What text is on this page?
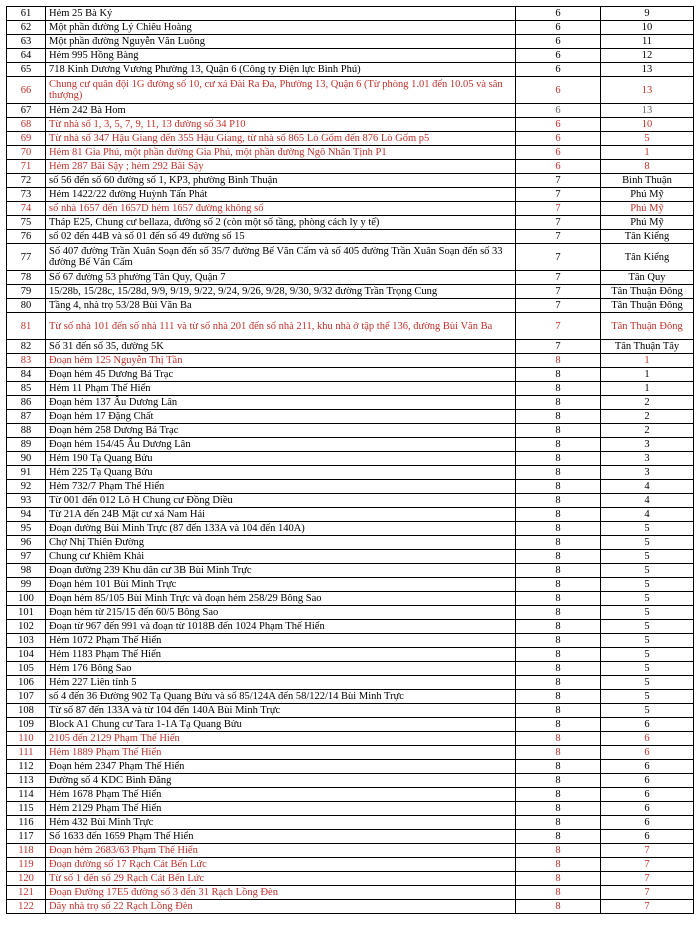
61	Hẻm 25 Bà Ký	6	9
62	Một phần đường Lý Chiêu Hoàng	6	10
63	Một phần đường Nguyễn Văn Luông	6	11
64	Hẻm 995 Hồng Bàng	6	12
65	718 Kinh Dương Vương Phường 13, Quận 6 (Công ty Điện lực Bình Phú)	6	13
66	Chung cư quân đội 1G đường số 10, cư xá Đài Ra Đa, Phường 13, Quận 6 (Từ phòng 1.01 đến 10.05 và sân thượng)	6	13
67	Hẻm 242 Bà Hom	6	13
68	Từ nhà số 1, 3, 5, 7, 9, 11, 13 đường số 34 P10	6	10
69	Từ nhà số 347 Hậu Giang đến 355 Hậu Giang, từ nhà số 865 Lò Gốm đến 876 Lò Gốm p5	6	5
70	Hẻm 81 Gia Phú, một phần đường Gia Phú, một phần đường Ngô Nhân Tịnh P1	6	1
71	Hẻm 287 Bãi Sậy ; hẻm 292 Bãi Sậy	6	8
72	số 56 đến số 60 đường số 1, KP3, phường Bình Thuận	7	Bình Thuận
73	Hẻm 1422/22 đường Huỳnh Tấn Phát	7	Phú Mỹ
74	số nhà 1657 đến 1657D hẻm 1657 đường không số	7	Phú Mỹ
75	Tháp E25, Chung cư bellaza, đường số 2 (còn một số tầng, phòng cách ly y tế)	7	Phú Mỹ
76	số 02 đến 44B và số 01 đến số 49 đường số 15	7	Tân Kiểng
77	Số 407 đường Trần Xuân Soạn đến số 35/7 đường Bế Văn Cấm và số 405 đường Trần Xuân Soạn đến số 33 đường Bế Văn Cấm	7	Tân Kiểng
78	Số 67 đường 53 phường Tân Quy, Quận 7	7	Tân Quy
79	15/28b, 15/28c, 15/28d, 9/9, 9/19, 9/22, 9/24, 9/26, 9/28, 9/30, 9/32 đường Trần Trọng Cung	7	Tân Thuận Đông
80	Tầng 4, nhà trọ 53/28 Bùi Văn Ba	7	Tân Thuận Đông
81	Từ số nhà 101 đến số nhà 111 và từ số nhà 201 đến số nhà 211, khu nhà ở tập thể 136, đường Bùi Văn Ba	7	Tân Thuận Đông
82	Số 31 đến số 35, đường 5K	7	Tân Thuận Tây
83	Đoạn hẻm 125 Nguyễn Thị Tần	8	1
84	Đoạn hẻm 45 Dương Bá Trạc	8	1
85	Hẻm 11 Phạm Thế Hiển	8	1
86	Đoạn hẻm 137 Âu Dương Lân	8	2
87	Đoạn hẻm 17 Đặng Chất	8	2
88	Đoạn hẻm 258 Dương Bá Trạc	8	2
89	Đoạn hẻm 154/45 Âu Dương Lân	8	3
90	Hẻm 190 Tạ Quang Bửu	8	3
91	Hẻm 225 Tạ Quang Bửu	8	3
92	Hẻm 732/7 Phạm Thế Hiển	8	4
93	Từ 001 đến 012 Lô H Chung cư Đồng Diều	8	4
94	Từ 21A đến 24B Mặt cư xá Nam Hải	8	4
95	Đoạn đường Bùi Minh Trực (87 đến 133A và 104 đến 140A)	8	5
96	Chợ Nhị Thiên Đường	8	5
97	Chung cư Khiêm Khải	8	5
98	Đoạn đường 239 Khu dân cư 3B Bùi Minh Trực	8	5
99	Đoạn hẻm 101 Bùi Minh Trực	8	5
100	Đoạn hẻm 85/105 Bùi Minh Trực và đoạn hẻm 258/29 Bông Sao	8	5
101	Đoạn hẻm từ 215/15 đến 60/5 Bông Sao	8	5
102	Đoạn từ 967 đến 991 và đoạn từ 1018B đến 1024 Phạm Thế Hiển	8	5
103	Hẻm 1072 Phạm Thế Hiển	8	5
104	Hẻm 1183 Phạm Thế Hiển	8	5
105	Hẻm 176 Bông Sao	8	5
106	Hẻm 227 Liên tỉnh 5	8	5
107	số 4 đến 36 Đường 902 Tạ Quang Bửu và số 85/124A đến 58/122/14 Bùi Minh Trực	8	5
108	Từ số 87 đến 133A và từ 104 đến 140A Bùi Minh Trực	8	5
109	Block A1 Chung cư Tara 1-1A Tạ Quang Bửu	8	6
110	2105 đến 2129 Phạm Thế Hiển	8	6
111	Hẻm 1889 Phạm Thế Hiển	8	6
112	Đoạn hẻm 2347 Phạm Thế Hiển	8	6
113	Đường số 4 KDC Bình Đăng	8	6
114	Hẻm 1678 Phạm Thế Hiển	8	6
115	Hẻm 2129 Phạm Thế Hiển	8	6
116	Hẻm 432 Bùi Minh Trực	8	6
117	Số 1633 đến 1659 Phạm Thế Hiển	8	6
118	Đoạn hẻm 2683/63 Phạm Thế Hiển	8	7
119	Đoạn đường số 17 Rạch Cát Bến Lức	8	7
120	Từ số 1 đến số 29 Rạch Cát Bến Lức	8	7
121	Đoạn Đường 17E5 đường số 3 đến 31 Rạch Lồng Đèn	8	7
122	Dãy nhà trọ số 22 Rạch Lồng Đèn	8	7
